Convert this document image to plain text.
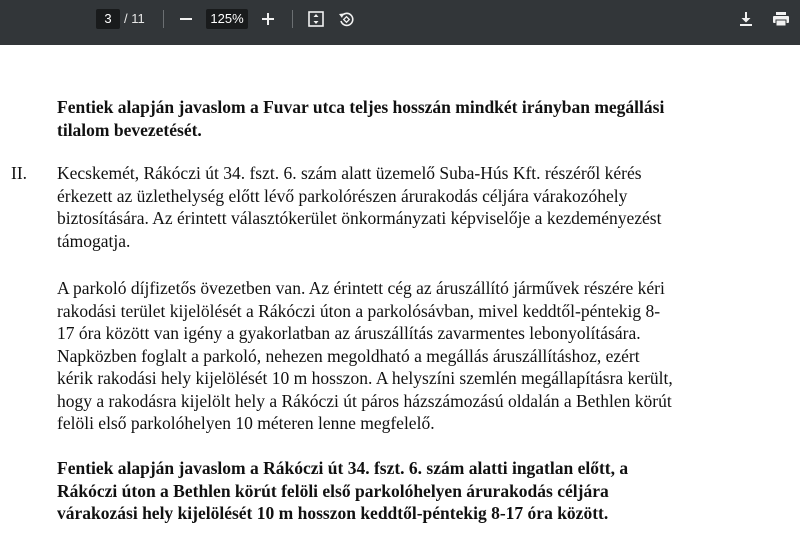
3 / 11	125%
Fentiek alapján javaslom a Fuvar utca teljes hosszán mindkét irányban megállási
tilalom bevezetését.
II. Kecskemét, Rákóczi út 34. fszt. 6. szám alatt üzemelő Suba-Hús Kft. részéről kérés
érkezett az üzlethelység előtt lévő parkolórészen árurakodás céljára várakozóhely
biztosítására. Az érintett választókerület önkormányzati képviselője a kezdeményezést
támogatja.
A parkoló díjfizetős övezetben van. Az érintett cég az áruszállító járművek részére kéri
rakodási terület kijelölését a Rákóczi úton a parkolósávban, mivel keddtől-péntekig 8-
17 óra között van igény a gyakorlatban az áruszállítás zavarmentes lebonyolítására.
Napközben foglalt a parkoló, nehezen megoldható a megállás áruszállításhoz, ezért
kérik rakodási hely kijelölését 10 m hosszon. A helyszíni szemlén megállapításra került,
hogy a rakodásra kijelölt hely a Rákóczi út páros házszámozású oldalán a Bethlen körút
felöli első parkolóhelyen 10 méteren lenne megfelelő.
Fentiek alapján javaslom a Rákóczi út 34. fszt. 6. szám alatti ingatlan előtt, a
Rákóczi úton a Bethlen körút felöli első parkolóhelyen árurakodás céljára
várakozási hely kijelölését 10 m hosszon keddtől-péntekig 8-17 óra között.
